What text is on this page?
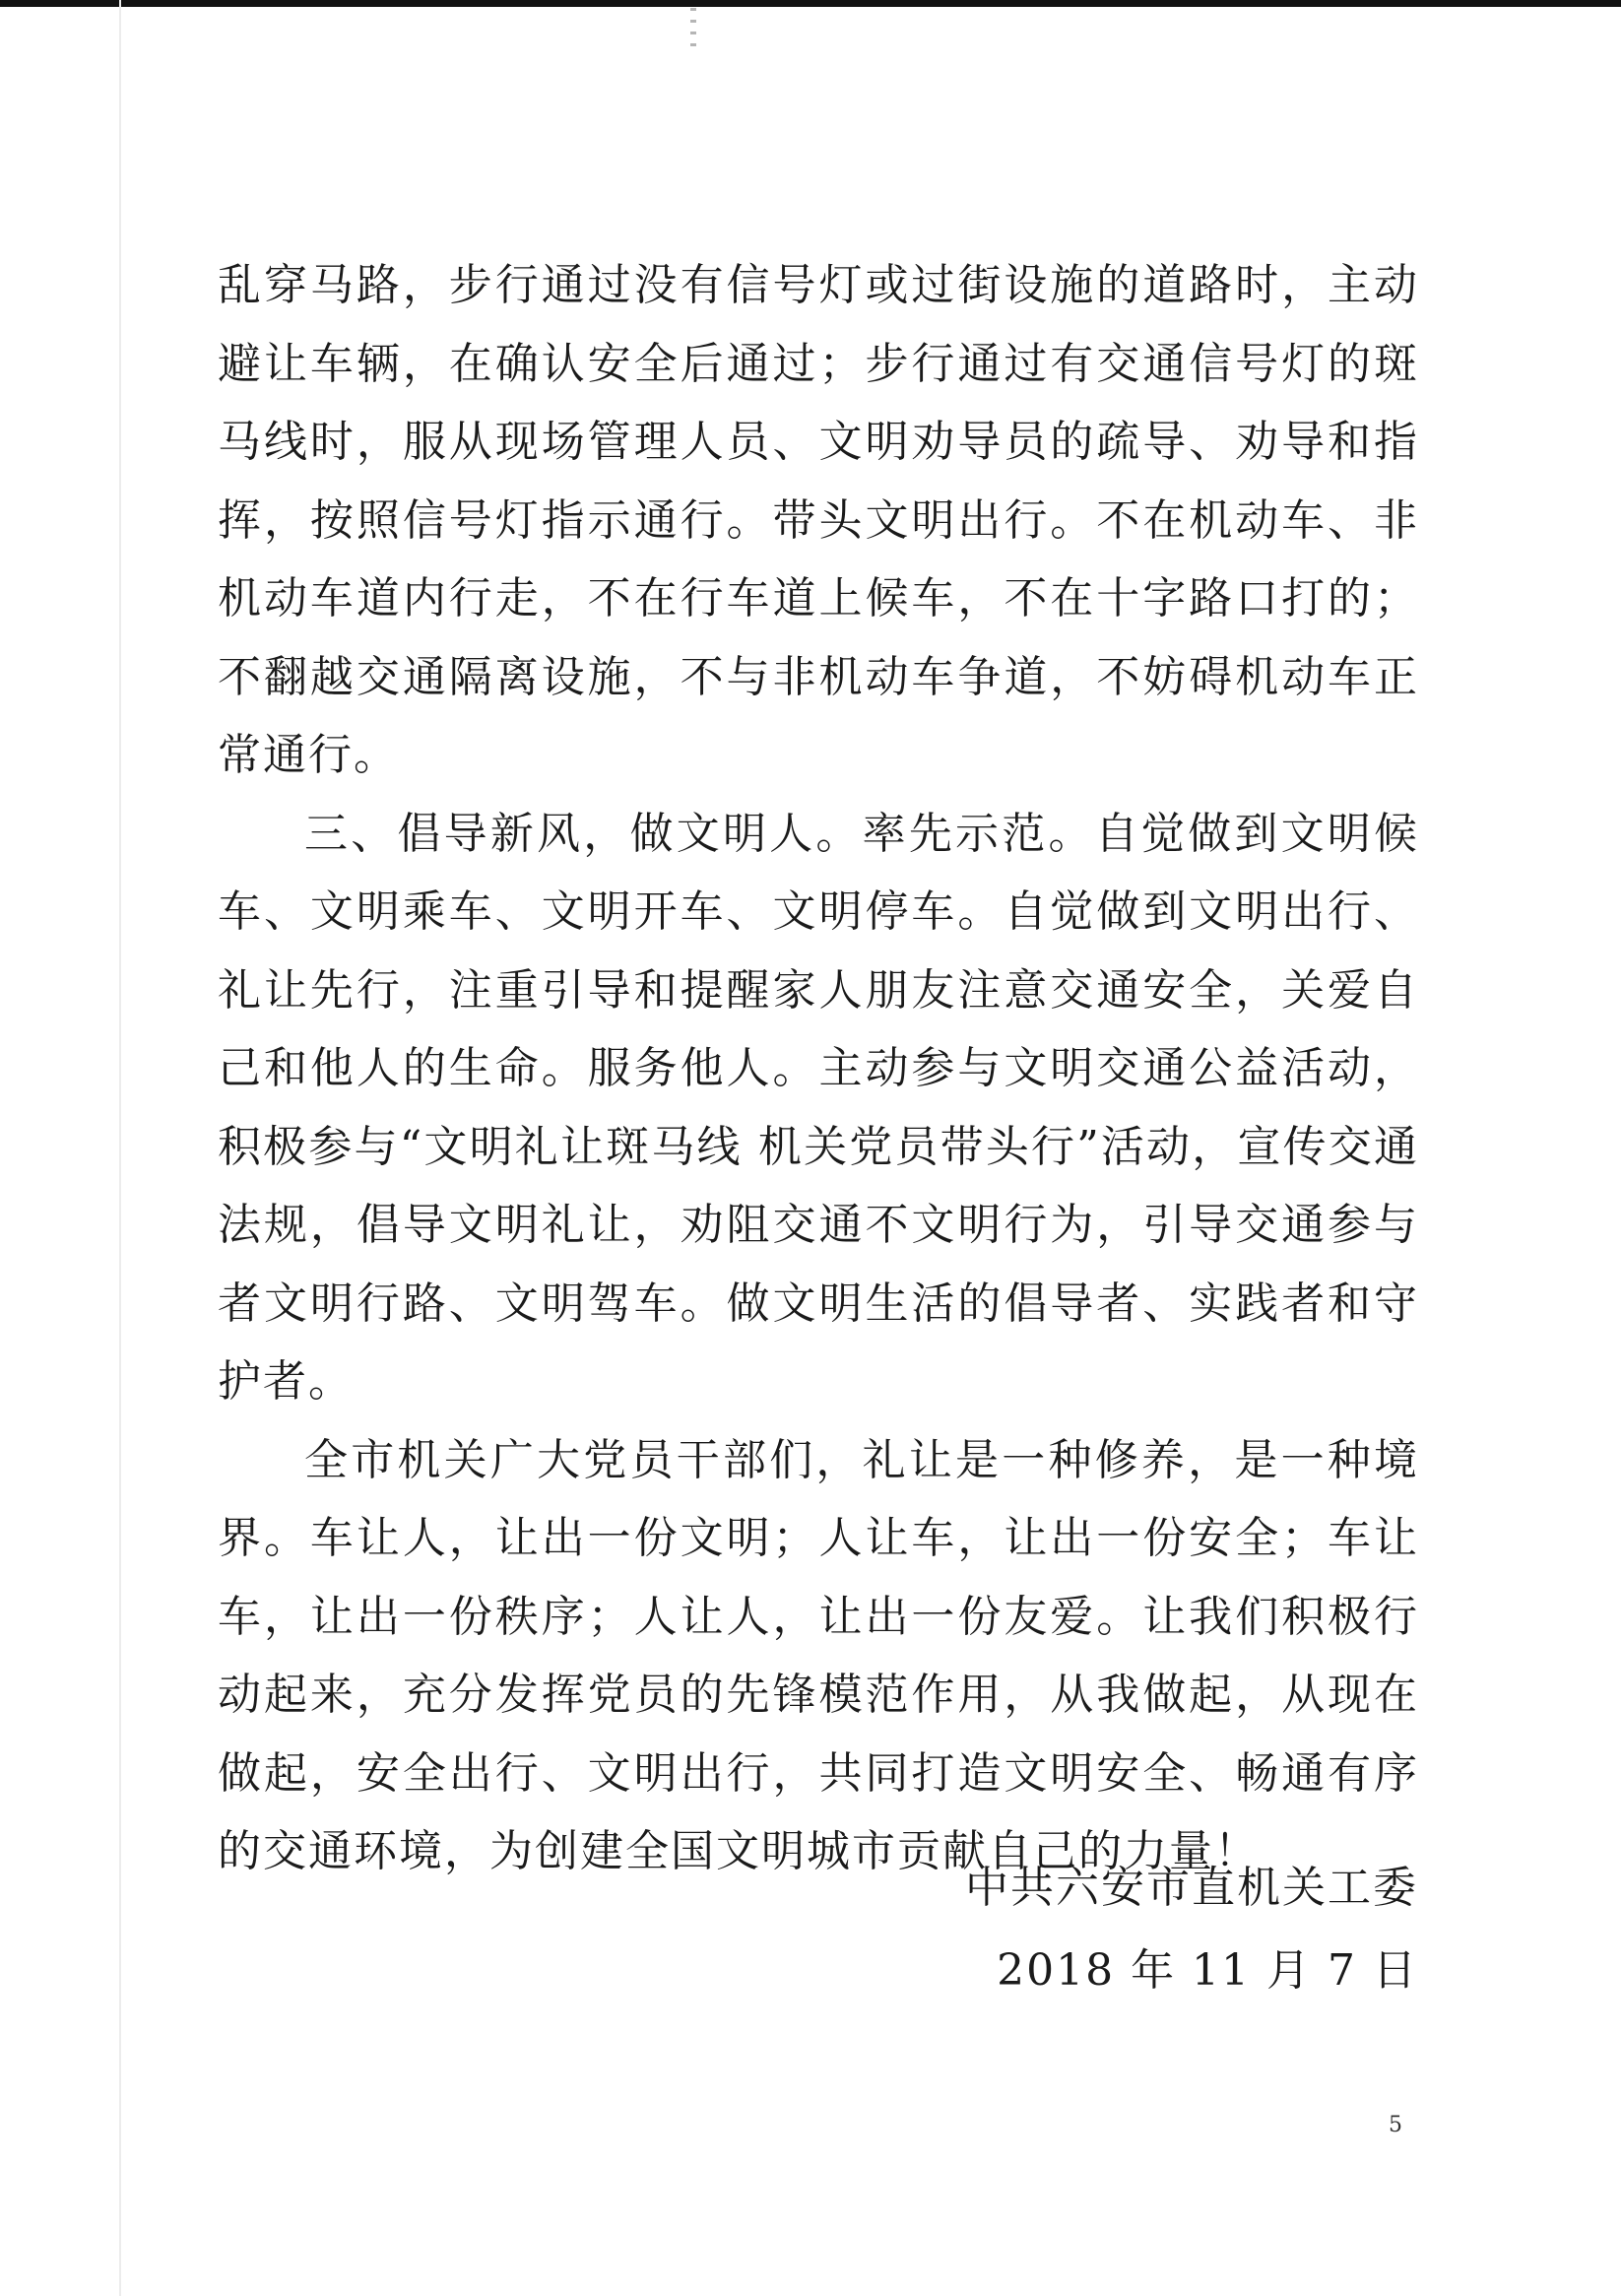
乱穿马路，步行通过没有信号灯或过街设施的道路时，主动避让车辆，在确认安全后通过；步行通过有交通信号灯的斑马线时，服从现场管理人员、文明劝导员的疏导、劝导和指挥，按照信号灯指示通行。带头文明出行。不在机动车、非机动车道内行走，不在行车道上候车，不在十字路口打的；不翻越交通隔离设施，不与非机动车争道，不妨碍机动车正常通行。

三、倡导新风，做文明人。率先示范。自觉做到文明候车、文明乘车、文明开车、文明停车。自觉做到文明出行、礼让先行，注重引导和提醒家人朋友注意交通安全，关爱自己和他人的生命。服务他人。主动参与文明交通公益活动，积极参与“文明礼让斑马线 机关党员带头行”活动，宣传交通法规，倡导文明礼让，劝阻交通不文明行为，引导交通参与者文明行路、文明驾车。做文明生活的倡导者、实践者和守护者。

全市机关广大党员干部们，礼让是一种修养，是一种境界。车让人，让出一份文明；人让车，让出一份安全；车让车，让出一份秩序；人让人，让出一份友爱。让我们积极行动起来，充分发挥党员的先锋模范作用，从我做起，从现在做起，安全出行、文明出行，共同打造文明安全、畅通有序的交通环境，为创建全国文明城市贡献自己的力量！

中共六安市直机关工委
2018 年 11 月 7 日
5
